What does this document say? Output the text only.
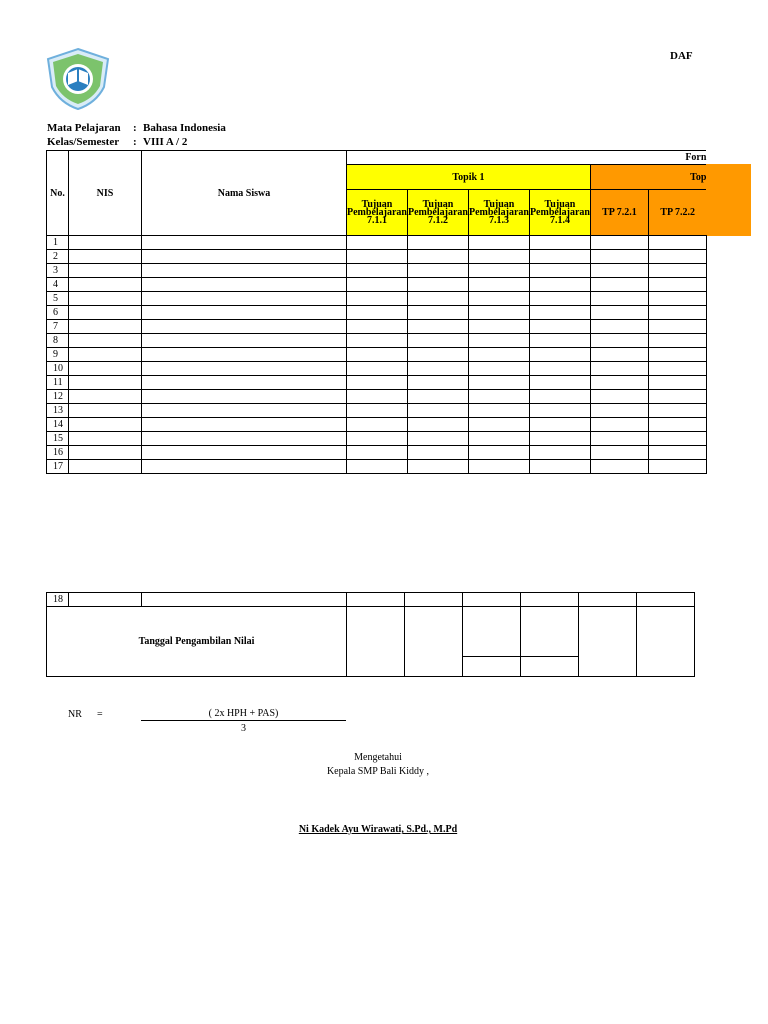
DAF
Mata Pelajaran : Bahasa Indonesia
Kelas/Semester : VIII A / 2
No.	NIS	Nama Siswa	Forn					
			Topik 1				Top	
			Tujuan Pembelajaran 7.1.1	Tujuan Pembelajaran 7.1.2	Tujuan Pembelajaran 7.1.3	Tujuan Pembelajaran 7.1.4	TP 7.2.1	TP 7.2.2
1								
2								
3								
4								
5								
6								
7								
8								
9								
10								
11								
12								
13								
14								
15								
16								
17								
18								
Tanggal Pengambilan Nilai								

NR =	( 2x HPH + PAS)
3
Mengetahui
Kepala SMP Bali Kiddy ,
Ni Kadek Ayu Wirawati, S.Pd., M.Pd
